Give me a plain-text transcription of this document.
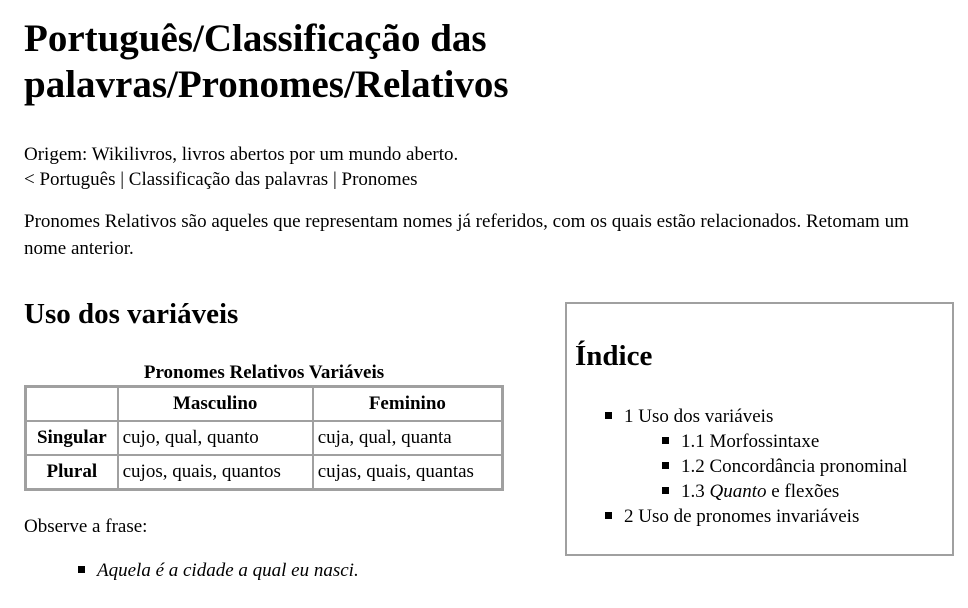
Português/Classificação das
palavras/Pronomes/Relativos
Origem: Wikilivros, livros abertos por um mundo aberto.
< Português | Classificação das palavras | Pronomes

Pronomes Relativos são aqueles que representam nomes já referidos, com os quais estão relacionados. Retomam um nome anterior.

Uso dos variáveis
Pronomes Relativos Variáveis
	Masculino	Feminino
Singular	cujo, qual, quanto	cuja, qual, quanta
Plural	cujos, quais, quantos	cujas, quais, quantas
Observe a frase:
Aquela é a cidade a qual eu nasci.
Índice
1 Uso dos variáveis
1.1 Morfossintaxe
1.2 Concordância pronominal
1.3 Quanto e flexões
2 Uso de pronomes invariáveis
